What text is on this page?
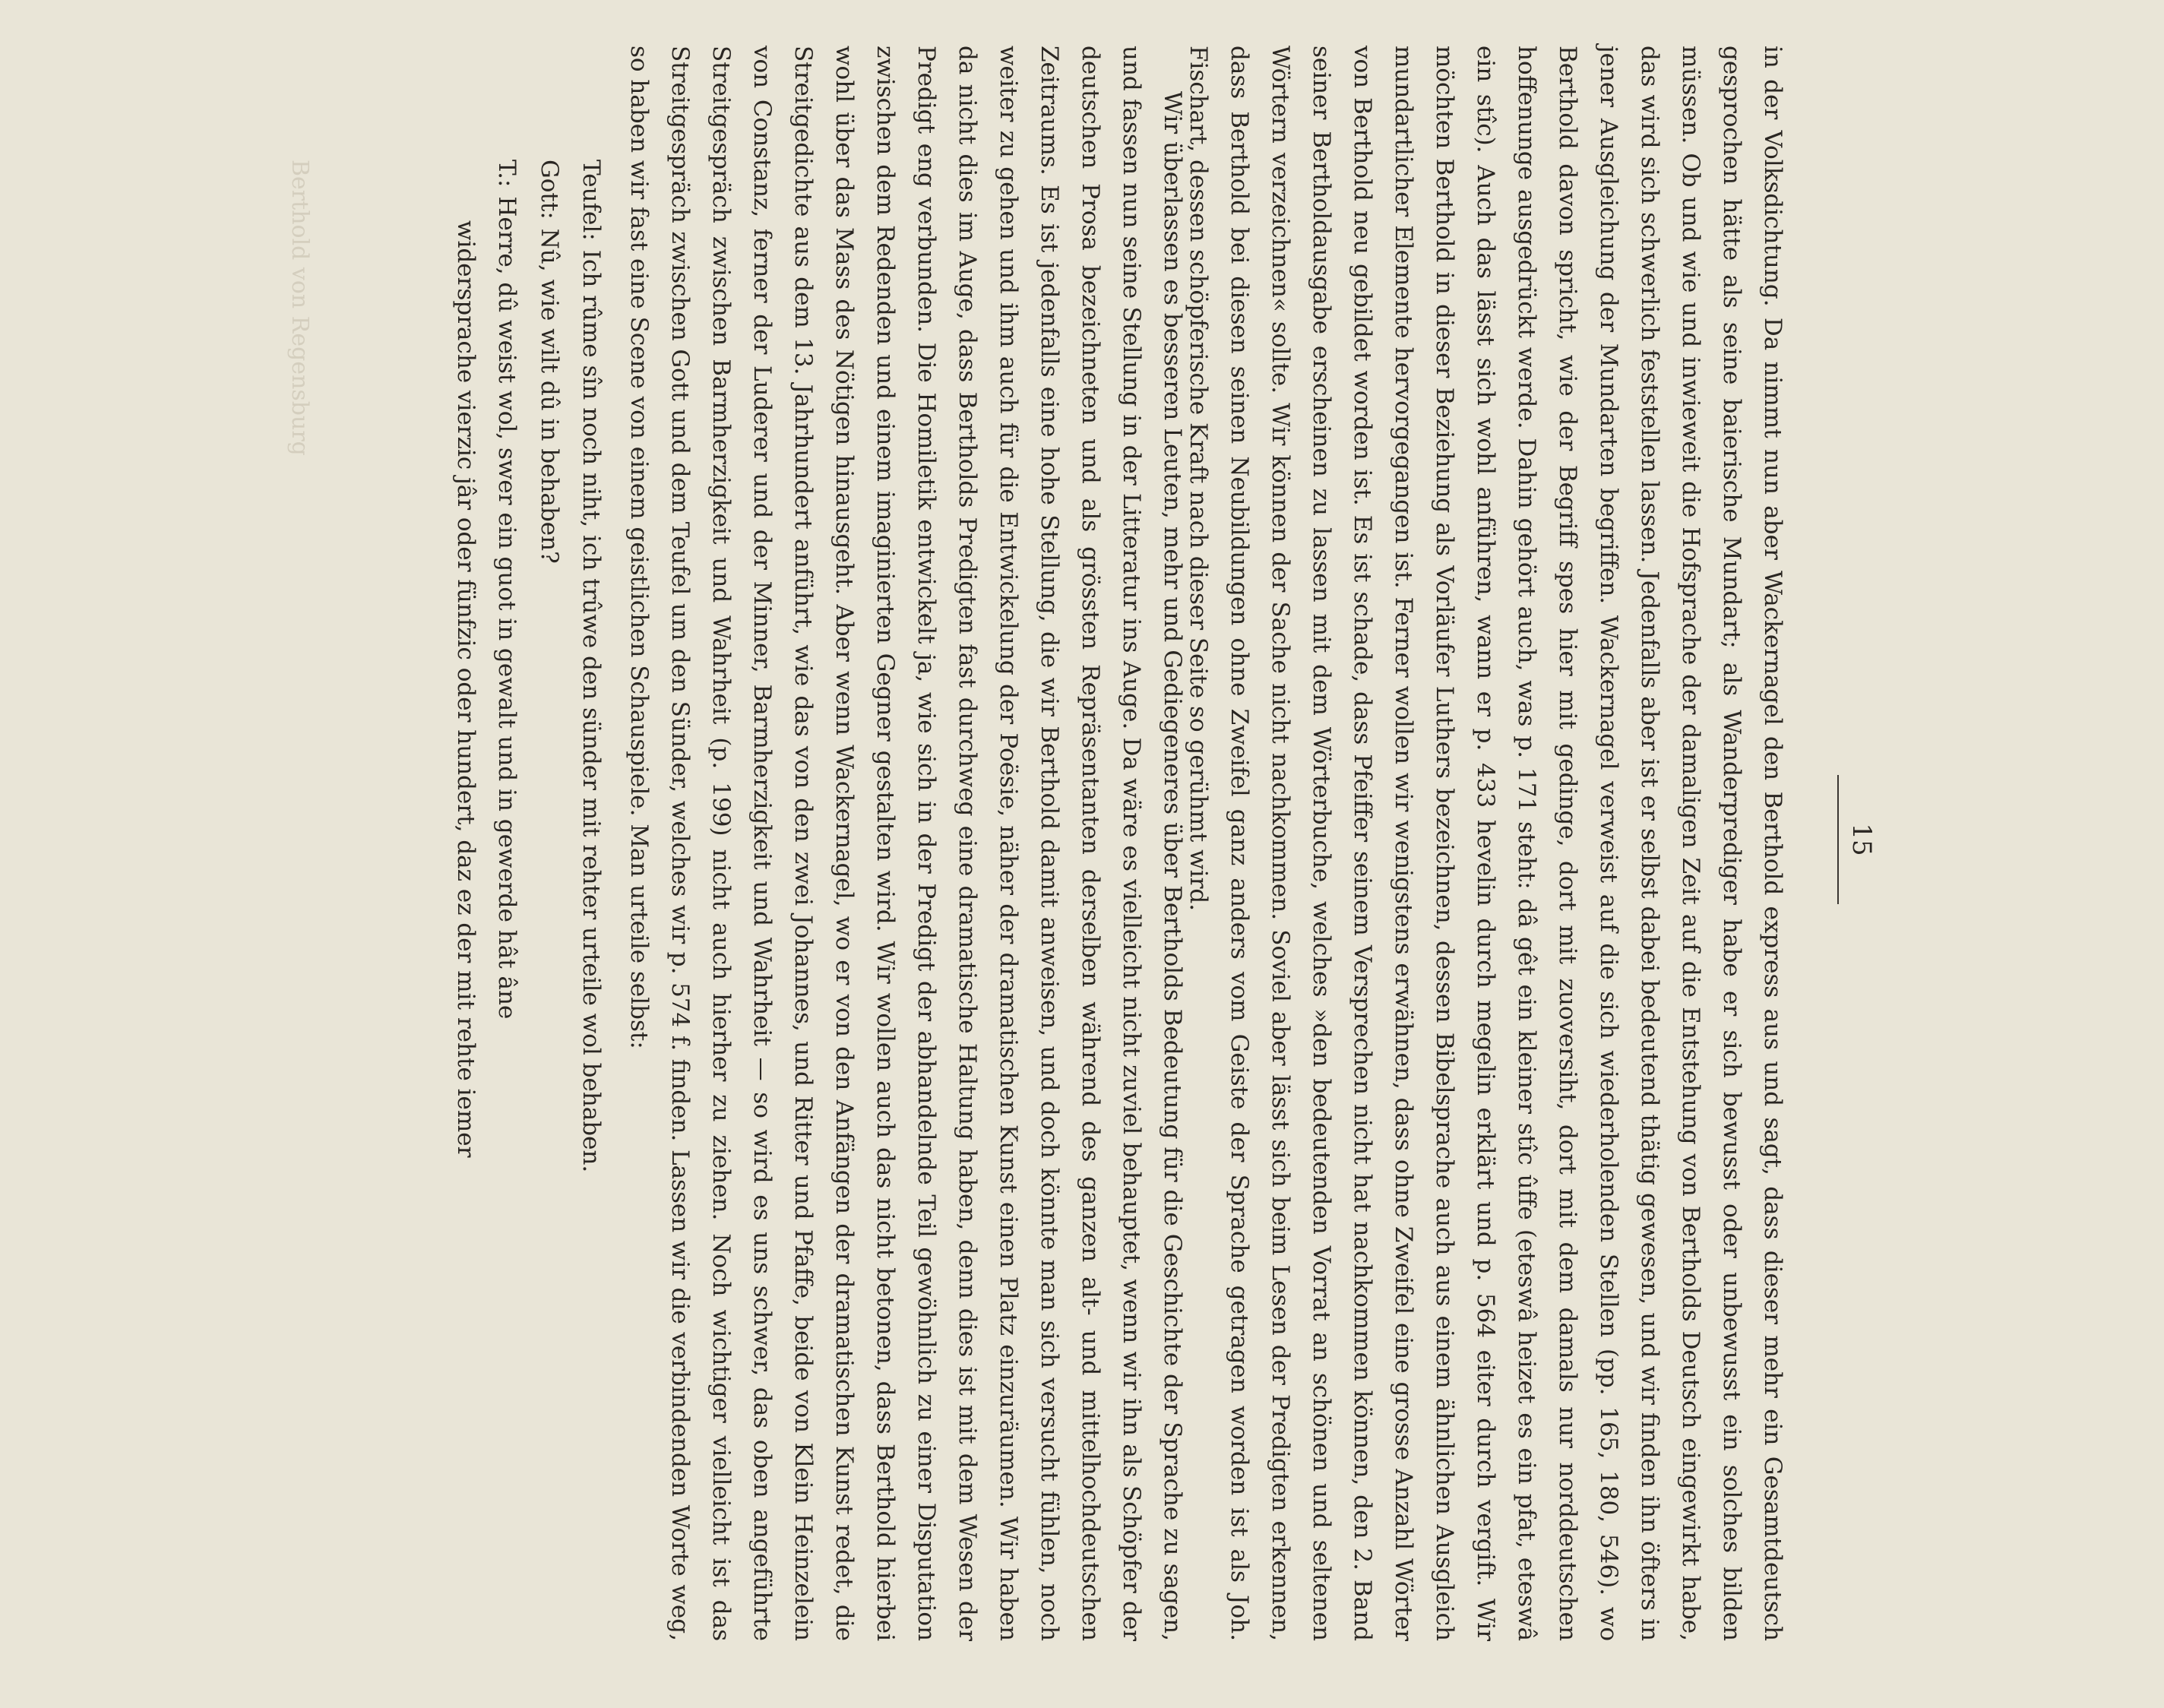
15

in der Volksdichtung. Da nimmt nun aber Wackernagel den Berthold express aus und sagt, dass dieser mehr ein Gesamtdeutsch gesprochen hätte als seine baierische Mundart; als Wanderprediger habe er sich bewusst oder unbewusst ein solches bilden müssen. Ob und wie und inwieweit die Hofsprache der damaligen Zeit auf die Entstehung von Bertholds Deutsch eingewirkt habe, das wird sich schwerlich feststellen lassen. Jedenfalls aber ist er selbst dabei bedeutend thätig gewesen, und wir finden ihn öfters in jener Ausgleichung der Mundarten begriffen. Wackernagel verweist auf die sich wiederholenden Stellen (pp. 165, 180, 546). wo Berthold davon spricht, wie der Begriff spes hier mit gedinge, dort mit zuoversiht, dort mit dem damals nur norddeutschen hoffenunge ausgedrückt werde. Dahin gehört auch, was p. 171 steht: dâ gêt ein kleiner stîc ûffe (eteswâ heizet es ein pfat, eteswâ ein stîc). Auch das lässt sich wohl anführen, wann er p. 433 hevelin durch megelin erklärt und p. 564 eiter durch vergift. Wir möchten Berthold in dieser Beziehung als Vorläufer Luthers bezeichnen, dessen Bibelsprache auch aus einem ähnlichen Ausgleich mundartlicher Elemente hervorgegangen ist. Ferner wollen wir wenigstens erwähnen, dass ohne Zweifel eine grosse Anzahl Wörter von Berthold neu gebildet worden ist. Es ist schade, dass Pfeiffer seinem Versprechen nicht hat nachkommen können, den 2. Band seiner Bertholdausgabe erscheinen zu lassen mit dem Wörterbuche, welches »den bedeutenden Vorrat an schönen und seltenen Wörtern verzeichnen« sollte. Wir können der Sache nicht nachkommen. Soviel aber lässt sich beim Lesen der Predigten erkennen, dass Berthold bei diesen seinen Neubildungen ohne Zweifel ganz anders vom Geiste der Sprache getragen worden ist als Joh. Fischart, dessen schöpferische Kraft nach dieser Seite so gerühmt wird.

Wir überlassen es besseren Leuten, mehr und Gediegeneres über Bertholds Bedeutung für die Geschichte der Sprache zu sagen, und fassen nun seine Stellung in der Litteratur ins Auge. Da wäre es vielleicht nicht zuviel behauptet, wenn wir ihn als Schöpfer der deutschen Prosa bezeichneten und als grössten Repräsentanten derselben während des ganzen alt- und mittelhochdeutschen Zeitraums. Es ist jedenfalls eine hohe Stellung, die wir Berthold damit anweisen, und doch könnte man sich versucht fühlen, noch weiter zu gehen und ihm auch für die Entwickelung der Poësie, näher der dramatischen Kunst einen Platz einzuräumen. Wir haben da nicht dies im Auge, dass Bertholds Predigten fast durchweg eine dramatische Haltung haben, denn dies ist mit dem Wesen der Predigt eng verbunden. Die Homiletik entwickelt ja, wie sich in der Predigt der abhandelnde Teil gewöhnlich zu einer Disputation zwischen dem Redenden und einem imaginierten Gegner gestalten wird. Wir wollen auch das nicht betonen, dass Berthold hierbei wohl über das Mass des Nötigen hinausgeht. Aber wenn Wackernagel, wo er von den Anfängen der dramatischen Kunst redet, die Streitgedichte aus dem 13. Jahrhundert anführt, wie das von den zwei Johannes, und Ritter und Pfaffe, beide von Klein Heinzelein von Constanz, ferner der Luderer und der Minner, Barmherzigkeit und Wahrheit — so wird es uns schwer, das oben angeführte Streitgespräch zwischen Barmherzigkeit und Wahrheit (p. 199) nicht auch hierher zu ziehen. Noch wichtiger vielleicht ist das Streitgespräch zwischen Gott und dem Teufel um den Sünder, welches wir p. 574 f. finden. Lassen wir die verbindenden Worte weg, so haben wir fast eine Scene von einem geistlichen Schauspiele. Man urteile selbst:

Teufel:Ich rûme sîn noch niht, ich trûwe den sünder mit rehter urteile wol behaben.

Gott:Nû, wie wilt dû in behaben?

T.:Herre, dû weist wol, swer ein guot in gewalt und in gewerde hât âne

widersprache vierzic jâr oder fünfzic oder hundert, daz ez der mit rehte iemer

Berthold von Regensburg
